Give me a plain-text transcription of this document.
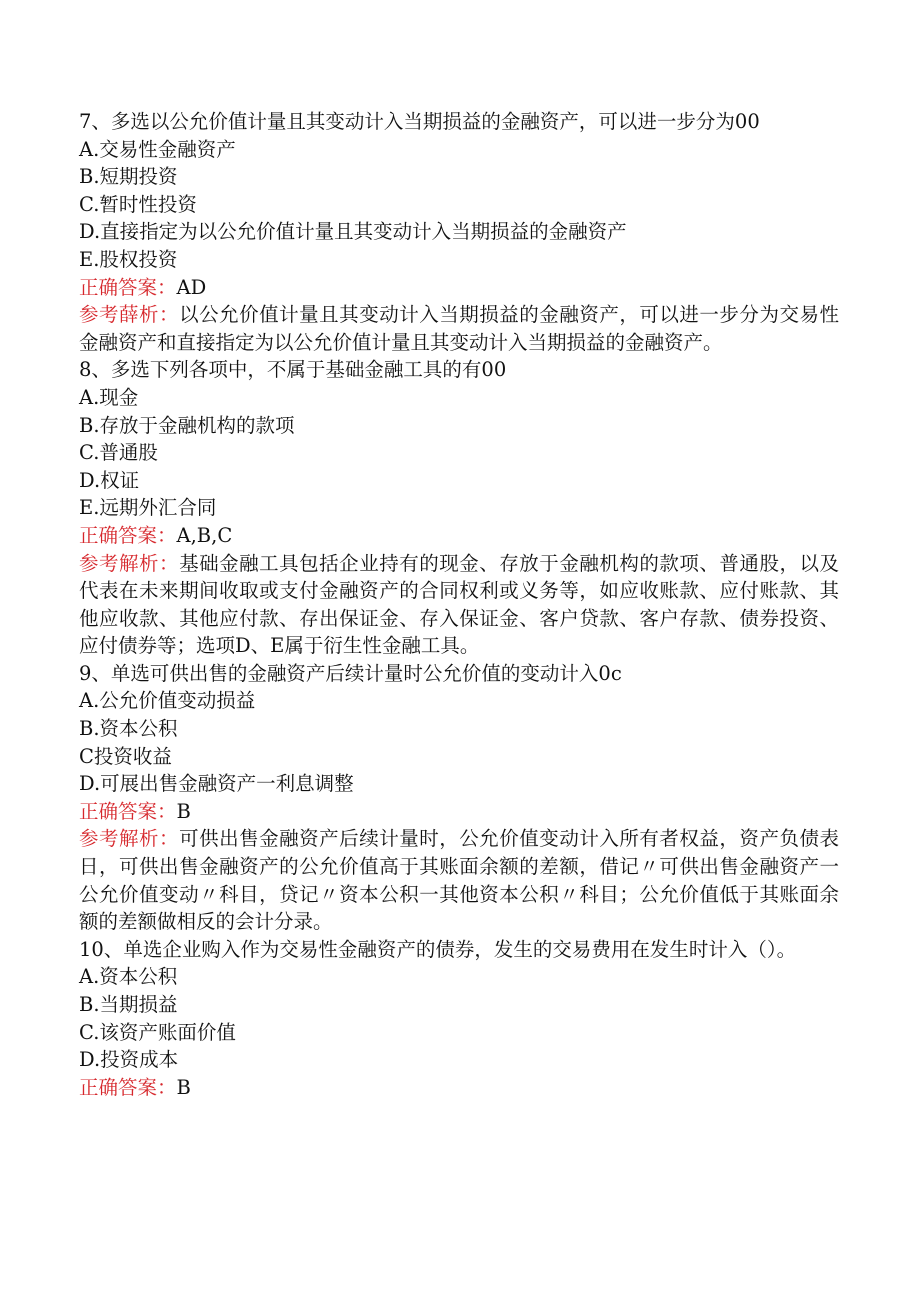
7、多选以公允价值计量且其变动计入当期损益的金融资产，可以进一步分为00

A.交易性金融资产

B.短期投资

C.暂时性投资

D.直接指定为以公允价值计量且其变动计入当期损益的金融资产

E.股权投资

正确答案：AD

参考薛析：以公允价值计量且其变动计入当期损益的金融资产，可以进一步分为交易性金融资产和直接指定为以公允价值计量且其变动计入当期损益的金融资产。

8、多选下列各项中，不属于基础金融工具的有00

A.现金

B.存放于金融机构的款项

C.普通股

D.权证

E.远期外汇合同

正确答案：A,B,C

参考解析：基础金融工具包括企业持有的现金、存放于金融机构的款项、普通股，以及代表在未来期间收取或支付金融资产的合同权利或义务等，如应收账款、应付账款、其他应收款、其他应付款、存出保证金、存入保证金、客户贷款、客户存款、债券投资、应付债券等；选项D、E属于衍生性金融工具。

9、单选可供出售的金融资产后续计量时公允价值的变动计入0c

A.公允价值变动损益

B.资本公积

C投资收益

D.可展出售金融资产一利息调整

正确答案：B

参考解析：可供出售金融资产后续计量时，公允价值变动计入所有者权益，资产负债表日，可供出售金融资产的公允价值高于其账面余额的差额，借记〃可供出售金融资产一公允价值变动〃科目，贷记〃资本公积一其他资本公积〃科目；公允价值低于其账面余额的差额做相反的会计分录。

10、单选企业购入作为交易性金融资产的债券，发生的交易费用在发生时计入（）。

A.资本公积

B.当期损益

C.该资产账面价值

D.投资成本

正确答案：B
